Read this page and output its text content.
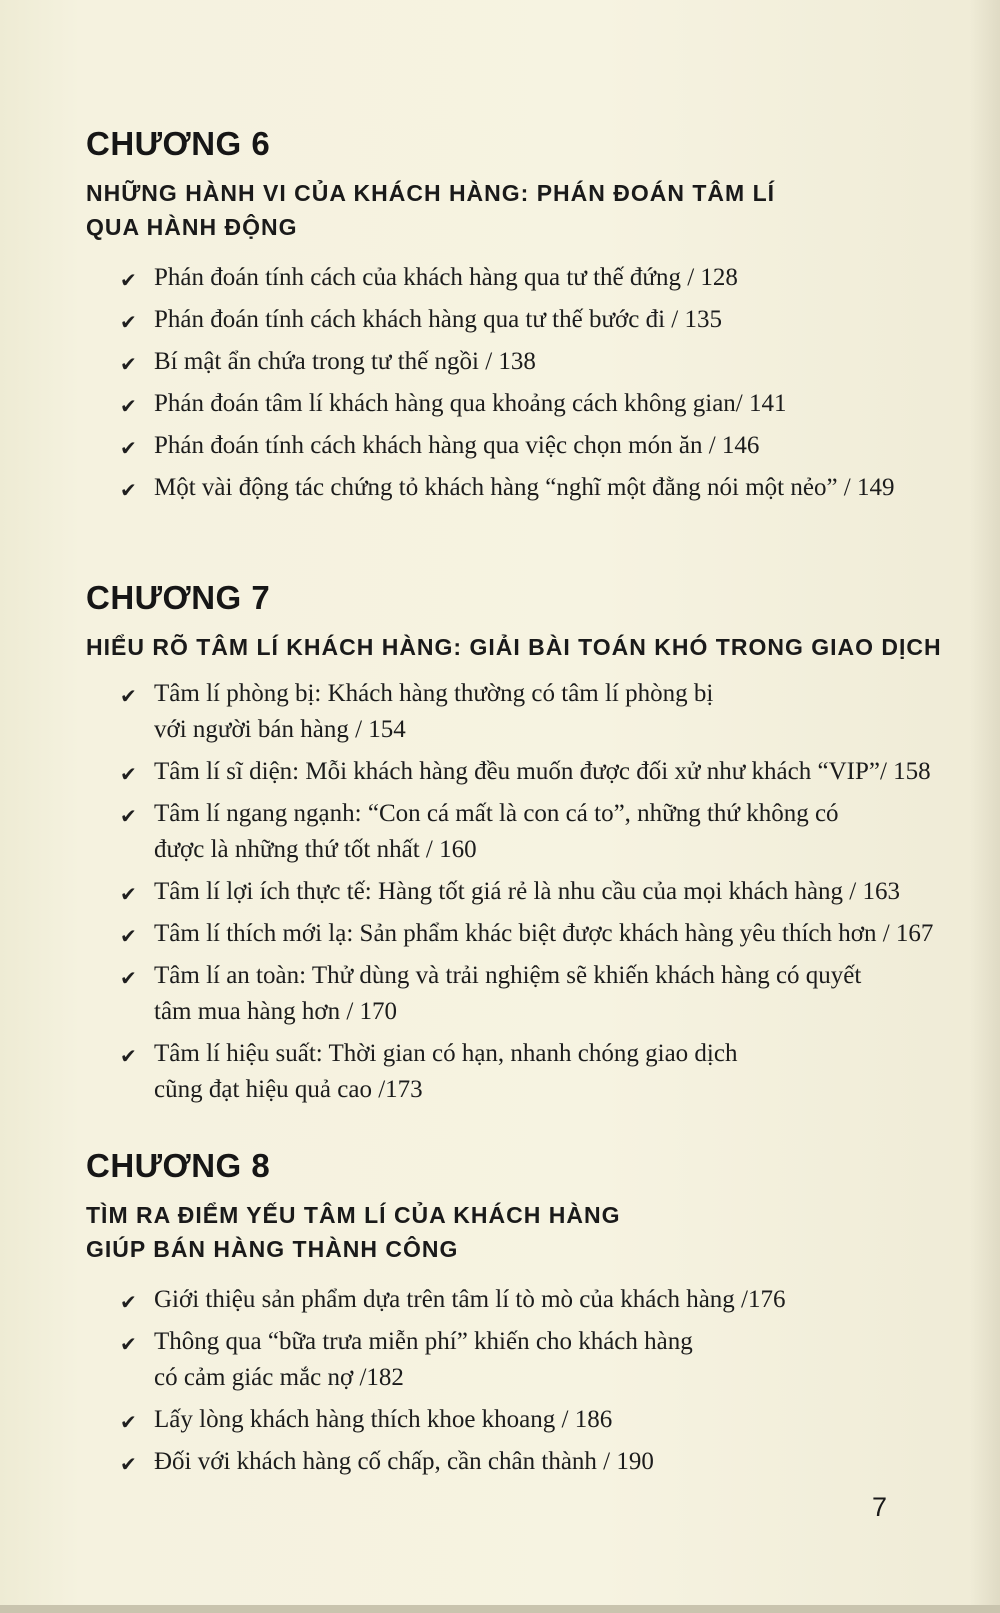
CHƯƠNG 6
NHỮNG HÀNH VI CỦA KHÁCH HÀNG: PHÁN ĐOÁN TÂM LÍ
QUA HÀNH ĐỘNG
✔ Phán đoán tính cách của khách hàng qua tư thế đứng / 128
✔ Phán đoán tính cách khách hàng qua tư thế bước đi / 135
✔ Bí mật ẩn chứa trong tư thế ngồi / 138
✔ Phán đoán tâm lí khách hàng qua khoảng cách không gian/ 141
✔ Phán đoán tính cách khách hàng qua việc chọn món ăn / 146
✔ Một vài động tác chứng tỏ khách hàng “nghĩ một đằng nói một nẻo” / 149
CHƯƠNG 7
HIỂU RÕ TÂM LÍ KHÁCH HÀNG: GIẢI BÀI TOÁN KHÓ TRONG GIAO DỊCH
✔ Tâm lí phòng bị: Khách hàng thường có tâm lí phòng bị
với người bán hàng / 154
✔ Tâm lí sĩ diện: Mỗi khách hàng đều muốn được đối xử như khách “VIP”/ 158
✔ Tâm lí ngang ngạnh: “Con cá mất là con cá to”, những thứ không có
được là những thứ tốt nhất / 160
✔ Tâm lí lợi ích thực tế: Hàng tốt giá rẻ là nhu cầu của mọi khách hàng / 163
✔ Tâm lí thích mới lạ: Sản phẩm khác biệt được khách hàng yêu thích hơn / 167
✔ Tâm lí an toàn: Thử dùng và trải nghiệm sẽ khiến khách hàng có quyết
tâm mua hàng hơn / 170
✔ Tâm lí hiệu suất: Thời gian có hạn, nhanh chóng giao dịch
cũng đạt hiệu quả cao /173
CHƯƠNG 8
TÌM RA ĐIỂM YẾU TÂM LÍ CỦA KHÁCH HÀNG
GIÚP BÁN HÀNG THÀNH CÔNG
✔ Giới thiệu sản phẩm dựa trên tâm lí tò mò của khách hàng /176
✔ Thông qua “bữa trưa miễn phí” khiến cho khách hàng
có cảm giác mắc nợ /182
✔ Lấy lòng khách hàng thích khoe khoang / 186
✔ Đối với khách hàng cố chấp, cần chân thành / 190
7
